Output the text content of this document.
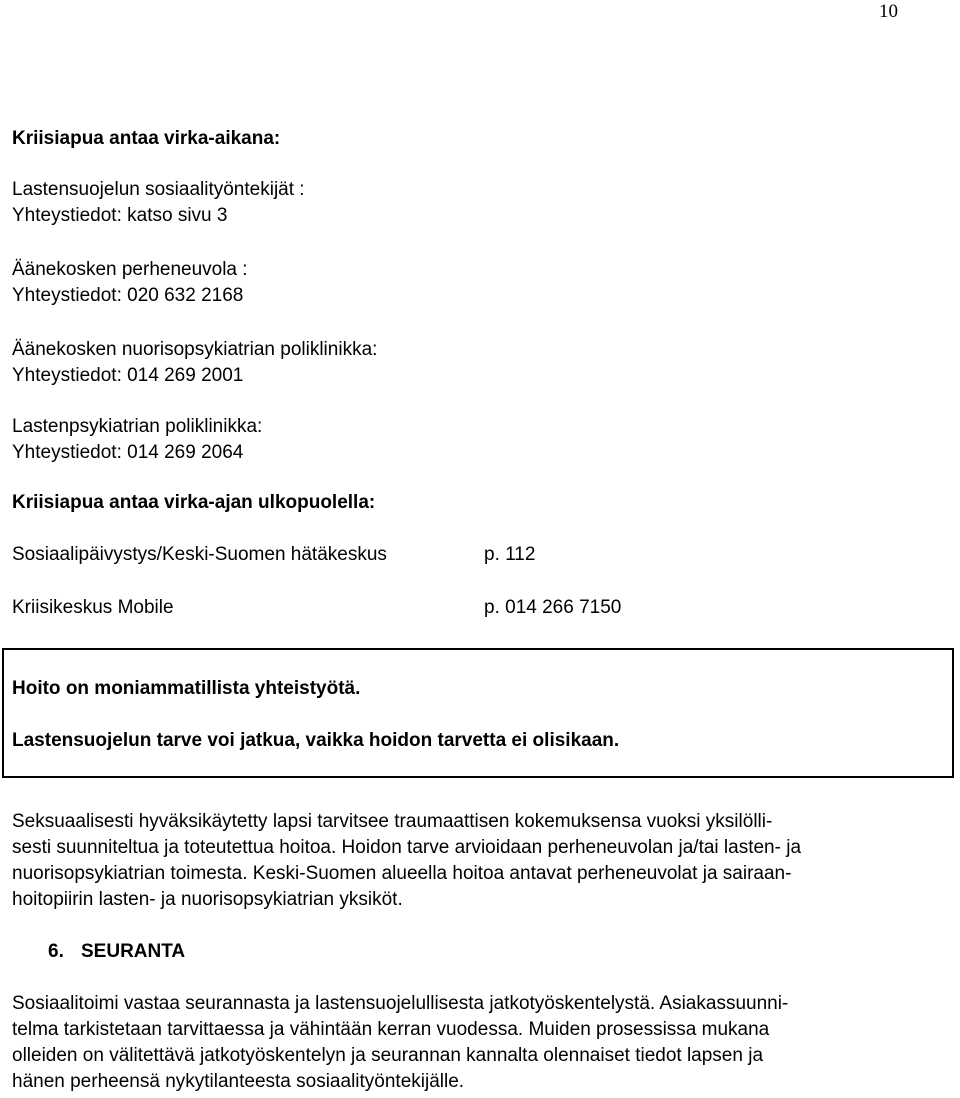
10
Kriisiapua antaa virka-aikana:
Lastensuojelun sosiaalityöntekijät :
Yhteystiedot: katso sivu 3
Äänekosken perheneuvola :
Yhteystiedot: 020 632 2168
Äänekosken nuorisopsykiatrian poliklinikka:
Yhteystiedot: 014 269 2001
Lastenpsykiatrian poliklinikka:
Yhteystiedot: 014 269 2064
Kriisiapua antaa virka-ajan ulkopuolella:
Sosiaalipäivystys/Keski-Suomen hätäkeskus	p. 112
Kriisikeskus Mobile	p. 014 266 7150
Hoito on moniammatillista yhteistyötä.
Lastensuojelun tarve voi jatkua, vaikka hoidon tarvetta ei olisikaan.
Seksuaalisesti hyväksikäytetty lapsi tarvitsee traumaattisen kokemuksensa vuoksi yksilölli-
sesti suunniteltua ja toteutettua hoitoa. Hoidon tarve arvioidaan perheneuvolan ja/tai lasten- ja
nuorisopsykiatrian toimesta. Keski-Suomen alueella hoitoa antavat perheneuvolat ja sairaan-
hoitopiirin lasten- ja nuorisopsykiatrian yksiköt.
6. SEURANTA
Sosiaalitoimi vastaa seurannasta ja lastensuojelullisesta jatkotyöskentelystä. Asiakassuunni-
telma tarkistetaan tarvittaessa ja vähintään kerran vuodessa. Muiden prosessissa mukana
olleiden on välitettävä jatkotyöskentelyn ja seurannan kannalta olennaiset tiedot lapsen ja
hänen perheensä nykytilanteesta sosiaalityöntekijälle.
